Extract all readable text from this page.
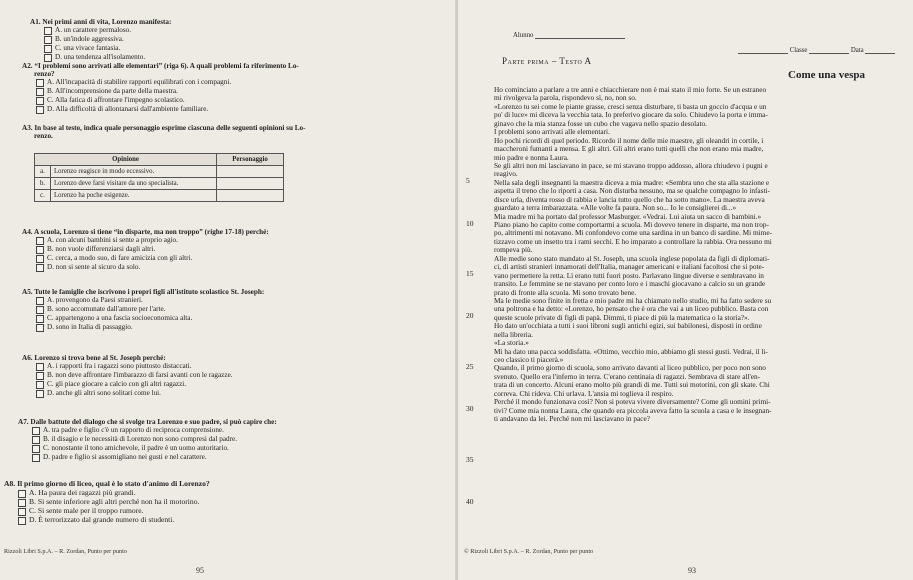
A1. Nei primi anni di vita, Lorenzo manifesta:
A. un carattere permaloso.
B. un'indole aggressiva.
C. una vivace fantasia.
D. una tendenza all'isolamento.
A2. “I problemi sono arrivati alle elementari” (riga 6). A quali problemi fa riferimento Lo-
renzo?
A. All'incapacità di stabilire rapporti equilibrati con i compagni.
B. All'incomprensione da parte della maestra.
C. Alla fatica di affrontare l'impegno scolastico.
D. Alla difficoltà di allontanarsi dall'ambiente familiare.
A3. In base al testo, indica quale personaggio esprime ciascuna delle seguenti opinioni su Lo-
renzo.
Opinione		Personaggio
a.	Lorenzo reagisce in modo eccessivo.	
b.	Lorenzo deve farsi visitare da uno specialista.	
c.	Lorenzo ha poche esigenze.	
A4. A scuola, Lorenzo si tiene “in disparte, ma non troppo” (righe 17-18) perché:
A. con alcuni bambini si sente a proprio agio.
B. non vuole differenziarsi dagli altri.
C. cerca, a modo suo, di fare amicizia con gli altri.
D. non si sente al sicuro da solo.
A5. Tutte le famiglie che iscrivono i propri figli all'istituto scolastico St. Joseph:
A. provengono da Paesi stranieri.
B. sono accomunate dall'amore per l'arte.
C. appartengono a una fascia socioeconomica alta.
D. sono in Italia di passaggio.
A6. Lorenzo si trova bene al St. Joseph perché:
A. i rapporti fra i ragazzi sono piuttosto distaccati.
B. non deve affrontare l'imbarazzo di farsi avanti con le ragazze.
C. gli piace giocare a calcio con gli altri ragazzi.
D. anche gli altri sono solitari come lui.
A7. Dalle battute del dialogo che si svolge tra Lorenzo e suo padre, si può capire che:
A. tra padre e figlio c'è un rapporto di reciproca comprensione.
B. il disagio e le necessità di Lorenzo non sono compresi dal padre.
C. nonostante il tono amichevole, il padre è un uomo autoritario.
D. padre e figlio si assomigliano nei gusti e nel carattere.
A8. Il primo giorno di liceo, qual è lo stato d'animo di Lorenzo?
A. Ha paura dei ragazzi più grandi.
B. Si sente inferiore agli altri perché non ha il motorino.
C. Si sente male per il troppo rumore.
D. È terrorizzato dal grande numero di studenti.
Rizzoli Libri S.p.A. – R. Zordan, Punto per punto
95
Alunno
Classe	Data
Parte prima – Testo A
Come una vespa
5
10
15
20
25
30
35
40
Ho cominciato a parlare a tre anni e chiacchierare non è mai stato il mio forte. Se un estraneo
mi rivolgeva la parola, rispondevo sì, no, non so.
«Lorenzo tu sei come le piante grasse, cresci senza disturbare, ti basta un goccio d'acqua e un
po' di luce» mi diceva la vecchia tata. Io preferivo giocare da solo. Chiudevo la porta e imma-
ginavo che la mia stanza fosse un cubo che vagava nello spazio desolato.
I problemi sono arrivati alle elementari.
Ho pochi ricordi di quel periodo. Ricordo il nome delle mie maestre, gli oleandri in cortile, i
maccheroni fumanti a mensa. E gli altri. Gli altri erano tutti quelli che non erano mia madre,
mio padre e nonna Laura.
Se gli altri non mi lasciavano in pace, se mi stavano troppo addosso, allora chiudevo i pugni e
reagivo.
Nella sala degli insegnanti la maestra diceva a mia madre: «Sembra uno che sta alla stazione e
aspetta il treno che lo riporti a casa. Non disturba nessuno, ma se qualche compagno lo infasti-
disce urla, diventa rosso di rabbia e lancia tutto quello che ha sotto mano». La maestra aveva
guardato a terra imbarazzata. «Alle volte fa paura. Non so... Io le consiglierei di...»
Mia madre mi ha portato dal professor Masburger. «Vedrai. Lui aiuta un sacco di bambini.»
Piano piano ho capito come comportarmi a scuola. Mi dovevo tenere in disparte, ma non trop-
po, altrimenti mi notavano. Mi confondevo come una sardina in un banco di sardine. Mi mime-
tizzavo come un insetto tra i rami secchi. E ho imparato a controllare la rabbia. Ora nessuno mi
rompeva più.
Alle medie sono stato mandato al St. Joseph, una scuola inglese popolata da figli di diplomati-
ci, di artisti stranieri innamorati dell'Italia, manager americani e italiani facoltosi che si pote-
vano permettere la retta. Lì erano tutti fuori posto. Parlavano lingue diverse e sembravano in
transito. Le femmine se ne stavano per conto loro e i maschi giocavano a calcio su un grande
prato di fronte alla scuola. Mi sono trovato bene.
Ma le medie sono finite in fretta e mio padre mi ha chiamato nello studio, mi ha fatto sedere su
una poltrona e ha detto: «Lorenzo, ho pensato che è ora che vai a un liceo pubblico. Basta con
queste scuole private di figli di papà. Dimmi, ti piace di più la matematica o la storia?».
Ho dato un'occhiata a tutti i suoi libroni sugli antichi egizi, sui babilonesi, disposti in ordine
nella libreria.
«La storia.»
Mi ha dato una pacca soddisfatta. «Ottimo, vecchio mio, abbiamo gli stessi gusti. Vedrai, il li-
ceo classico ti piacerà.»
Quando, il primo giorno di scuola, sono arrivato davanti al liceo pubblico, per poco non sono
svenuto. Quello era l'inferno in terra. C'erano centinaia di ragazzi. Sembrava di stare all'en-
trata di un concerto. Alcuni erano molto più grandi di me. Tutti sui motorini, con gli skate. Chi
correva. Chi rideva. Chi urlava. L'ansia mi toglieva il respiro.
Perché il mondo funzionava così? Non si poteva vivere diversamente? Come gli uomini primi-
tivi? Come mia nonna Laura, che quando era piccola aveva fatto la scuola a casa e le insegnan-
ti andavano da lei. Perché non mi lasciavano in pace?
© Rizzoli Libri S.p.A. – R. Zordan, Punto per punto
93
